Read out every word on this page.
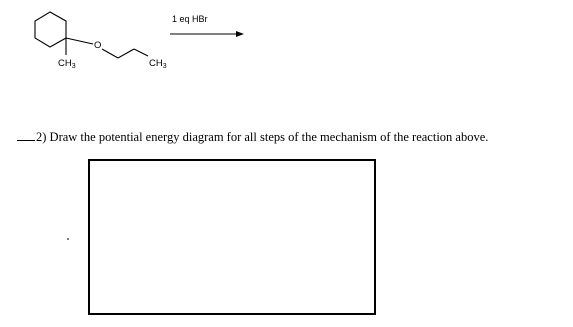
O
CH3
CH3
1 eq HBr
2) Draw the potential energy diagram for all steps of the mechanism of the reaction above.
